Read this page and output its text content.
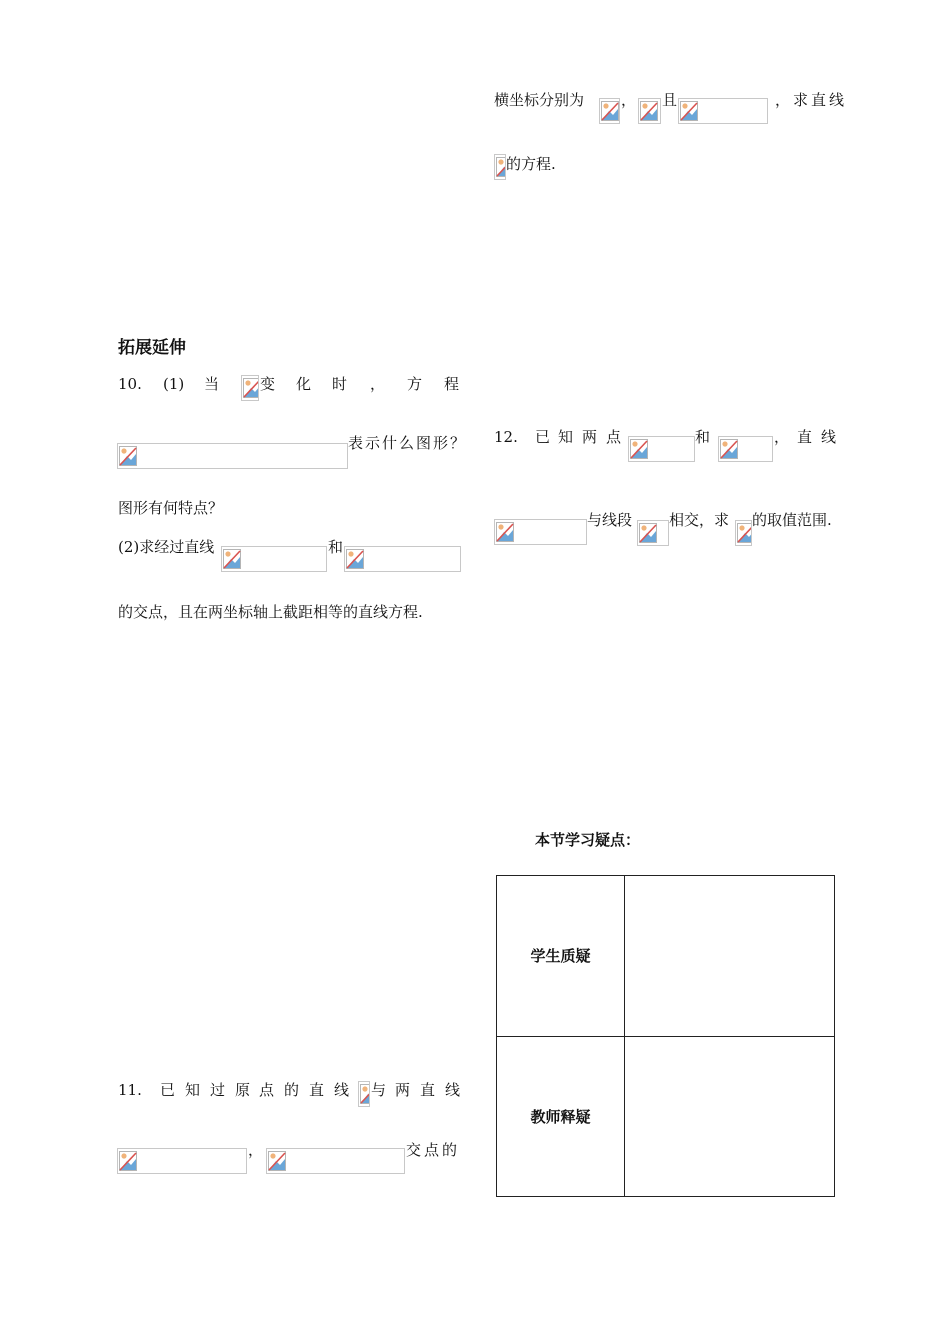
横坐标分别为 ， 且	，求直线
的方程.
拓展延伸
10. (1) 当	变 化 时 ， 方 程
表示什么图形？
图形有何特点？
(2)求经过直线	和
的交点，且在两坐标轴上截距相等的直线方程.
12. 已 知 两 点	和	， 直 线
与线段 相交，求 的取值范围.
本节学习疑点：
学生质疑	
教师释疑	
11. 已 知 过 原 点 的 直 线 与 两 直 线
，	交点的
